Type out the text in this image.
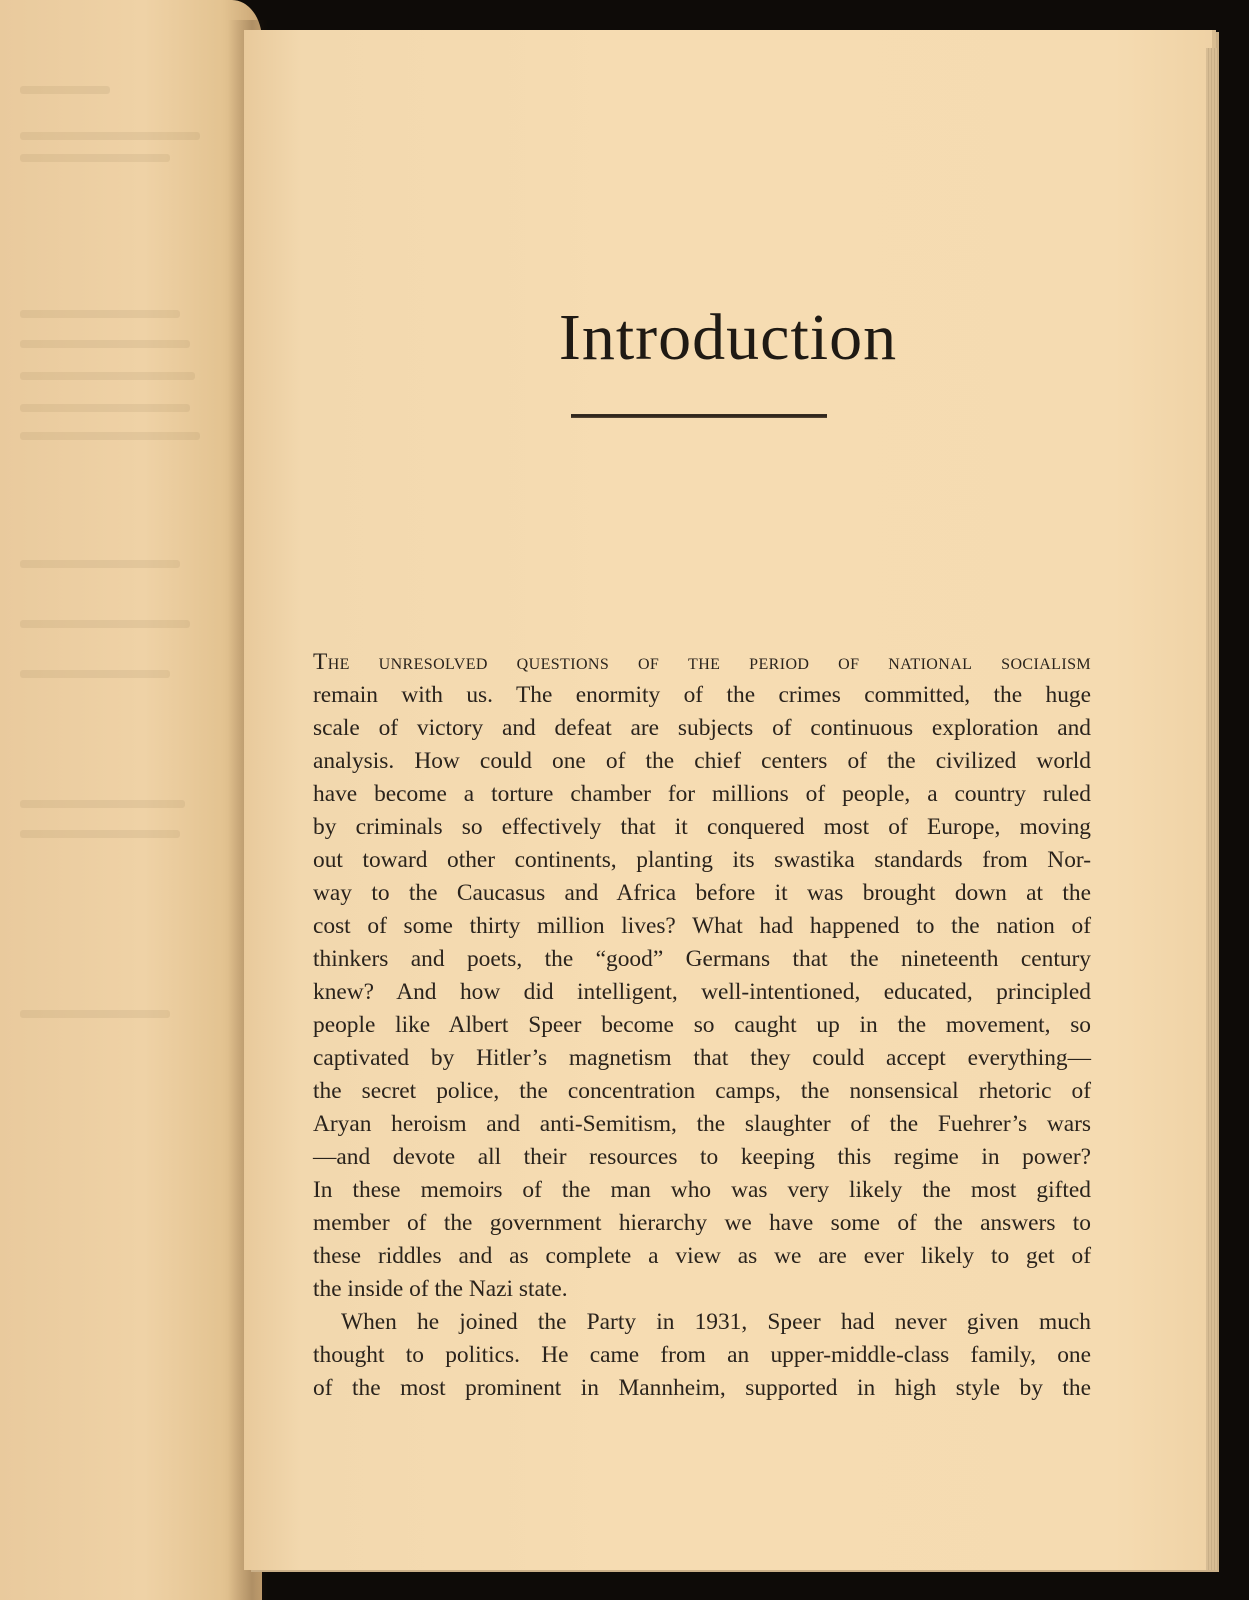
Introduction
The unresolved questions of the period of national socialism
remain with us. The enormity of the crimes committed, the huge
scale of victory and defeat are subjects of continuous exploration and
analysis. How could one of the chief centers of the civilized world
have become a torture chamber for millions of people, a country ruled
by criminals so effectively that it conquered most of Europe, moving
out toward other continents, planting its swastika standards from Nor-
way to the Caucasus and Africa before it was brought down at the
cost of some thirty million lives? What had happened to the nation of
thinkers and poets, the “good” Germans that the nineteenth century
knew? And how did intelligent, well-intentioned, educated, principled
people like Albert Speer become so caught up in the movement, so
captivated by Hitler’s magnetism that they could accept everything—
the secret police, the concentration camps, the nonsensical rhetoric of
Aryan heroism and anti-Semitism, the slaughter of the Fuehrer’s wars
—and devote all their resources to keeping this regime in power?
In these memoirs of the man who was very likely the most gifted
member of the government hierarchy we have some of the answers to
these riddles and as complete a view as we are ever likely to get of
the inside of the Nazi state.
When he joined the Party in 1931, Speer had never given much
thought to politics. He came from an upper-middle-class family, one
of the most prominent in Mannheim, supported in high style by the
